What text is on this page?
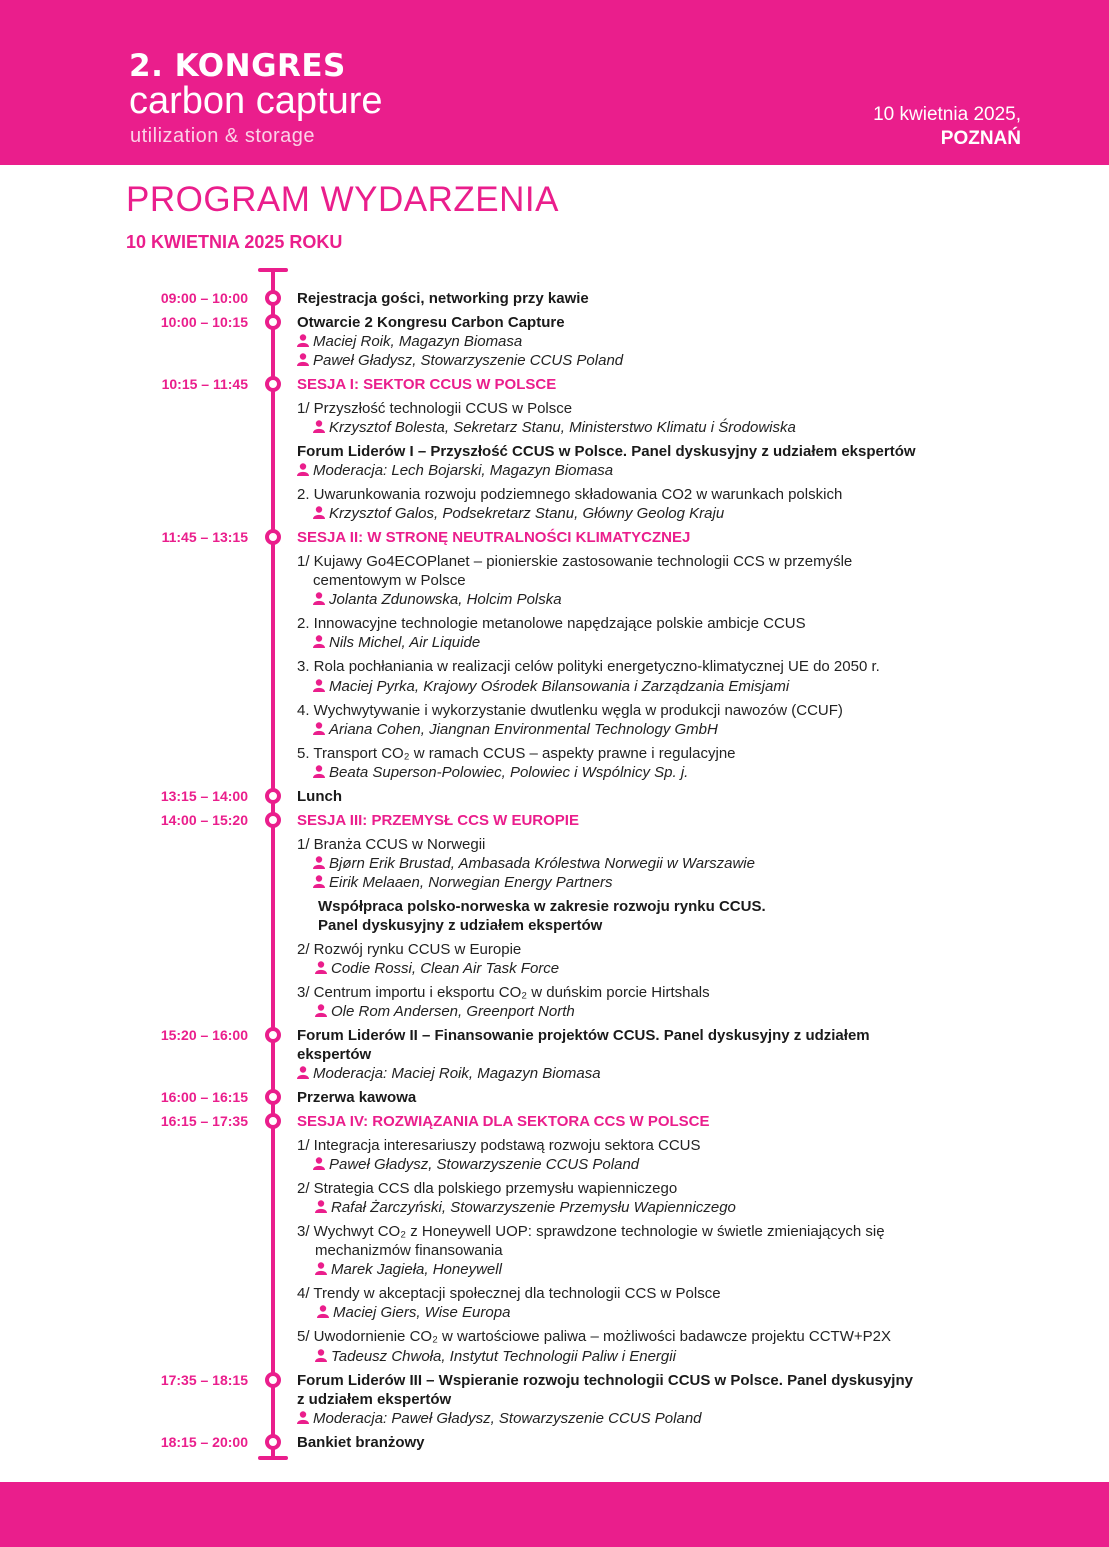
2. KONGRES
carbon capture
utilization & storage
10 kwietnia 2025,
POZNAŃ
PROGRAM WYDARZENIA
10 KWIETNIA 2025 ROKU
09:00 – 10:00
10:00 – 10:15
10:15 – 11:45
11:45 – 13:15
13:15 – 14:00
14:00 – 15:20
15:20 – 16:00
16:00 – 16:15
16:15 – 17:35
17:35 – 18:15
18:15 – 20:00
Rejestracja gości, networking przy kawie
Otwarcie 2 Kongresu Carbon Capture
Maciej Roik, Magazyn Biomasa
Paweł Gładysz, Stowarzyszenie CCUS Poland
SESJA I: SEKTOR CCUS W POLSCE
1/ Przyszłość technologii CCUS w Polsce
Krzysztof Bolesta, Sekretarz Stanu, Ministerstwo Klimatu i Środowiska
Forum Liderów I – Przyszłość CCUS w Polsce. Panel dyskusyjny z udziałem ekspertów
Moderacja: Lech Bojarski, Magazyn Biomasa
2. Uwarunkowania rozwoju podziemnego składowania CO2 w warunkach polskich
Krzysztof Galos, Podsekretarz Stanu, Główny Geolog Kraju
SESJA II: W STRONĘ NEUTRALNOŚCI KLIMATYCZNEJ
1/ Kujawy Go4ECOPlanet – pionierskie zastosowanie technologii CCS w przemyśle
cementowym w Polsce
Jolanta Zdunowska, Holcim Polska
2. Innowacyjne technologie metanolowe napędzające polskie ambicje CCUS
Nils Michel, Air Liquide
3. Rola pochłaniania w realizacji celów polityki energetyczno-klimatycznej UE do 2050 r.
Maciej Pyrka, Krajowy Ośrodek Bilansowania i Zarządzania Emisjami
4. Wychwytywanie i wykorzystanie dwutlenku węgla w produkcji nawozów (CCUF)
Ariana Cohen, Jiangnan Environmental Technology GmbH
5. Transport CO₂ w ramach CCUS – aspekty prawne i regulacyjne
Beata Superson-Polowiec, Polowiec i Wspólnicy Sp. j.
Lunch
SESJA III: PRZEMYSŁ CCS W EUROPIE
1/ Branża CCUS w Norwegii
Bjørn Erik Brustad, Ambasada Królestwa Norwegii w Warszawie
Eirik Melaaen, Norwegian Energy Partners
Współpraca polsko-norweska w zakresie rozwoju rynku CCUS.
Panel dyskusyjny z udziałem ekspertów
2/ Rozwój rynku CCUS w Europie
Codie Rossi, Clean Air Task Force
3/ Centrum importu i eksportu CO₂ w duńskim porcie Hirtshals
Ole Rom Andersen, Greenport North
Forum Liderów II – Finansowanie projektów CCUS. Panel dyskusyjny z udziałem
ekspertów
Moderacja: Maciej Roik, Magazyn Biomasa
Przerwa kawowa
SESJA IV: ROZWIĄZANIA DLA SEKTORA CCS W POLSCE
1/ Integracja interesariuszy podstawą rozwoju sektora CCUS
Paweł Gładysz, Stowarzyszenie CCUS Poland
2/ Strategia CCS dla polskiego przemysłu wapienniczego
Rafał Żarczyński, Stowarzyszenie Przemysłu Wapienniczego
3/ Wychwyt CO₂ z Honeywell UOP: sprawdzone technologie w świetle zmieniających się
mechanizmów finansowania
Marek Jagieła, Honeywell
4/ Trendy w akceptacji społecznej dla technologii CCS w Polsce
Maciej Giers, Wise Europa
5/ Uwodornienie CO₂ w wartościowe paliwa – możliwości badawcze projektu CCTW+P2X
Tadeusz Chwoła, Instytut Technologii Paliw i Energii
Forum Liderów III – Wspieranie rozwoju technologii CCUS w Polsce. Panel dyskusyjny
z udziałem ekspertów
Moderacja: Paweł Gładysz, Stowarzyszenie CCUS Poland
Bankiet branżowy
